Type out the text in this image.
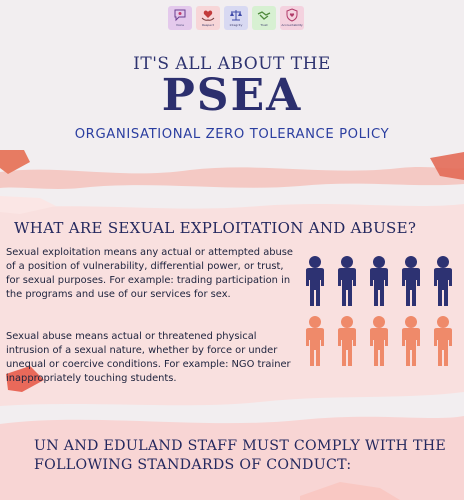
Voice	Respect	Integrity	Trust	Accountability
IT'S ALL ABOUT THE
PSEA
ORGANISATIONAL ZERO TOLERANCE POLICY
WHAT ARE SEXUAL EXPLOITATION AND ABUSE?
Sexual exploitation means any actual or attempted abuse of a position of vulnerability, differential power, or trust, for sexual purposes. For example: trading participation in the programs and use of our services for sex.
Sexual abuse means actual or threatened physical intrusion of a sexual nature, whether by force or under unequal or coercive conditions. For example: NGO trainer inappropriately touching students.
UN AND EDULAND STAFF MUST COMPLY WITH THE
FOLLOWING STANDARDS OF CONDUCT:
